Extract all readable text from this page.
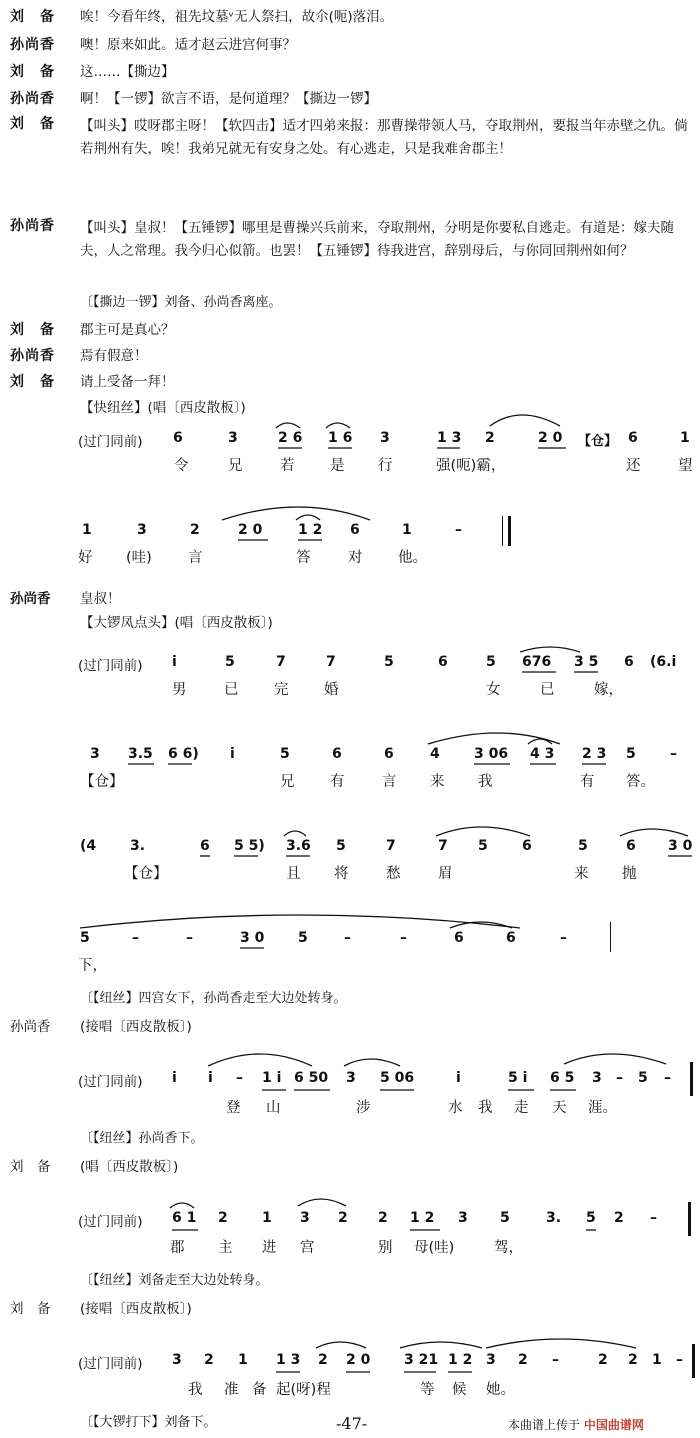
刘　备	唉！今看年终，祖先坟墓ᵛ无人祭扫，故尒(呃)落泪。
孙尚香	噢！原来如此。适才赵云进宫何事？
刘　备	这……【撕边】
孙尚香	啊！【一锣】欲言不语，是何道理？【撕边一锣】
刘　备	【叫头】哎呀郡主呀！【软四击】适才四弟来报：那曹操带领人马，夺取荆州，要报当年赤壁之仇。倘若荆州有失，唉！我弟兄就无有安身之处。有心逃走，只是我难舍郡主！
孙尚香	【叫头】皇叔！【五锤锣】哪里是曹操兴兵前来，夺取荆州，分明是你要私自逃走。有道是：嫁夫随夫，人之常理。我今归心似箭。也罢！【五锤锣】待我进宫，辞别母后，与你同回荆州如何？
〔【撕边一锣】刘备、孙尚香离座。
刘　备	郡主可是真心？
孙尚香	焉有假意！
刘　备	请上受备一拜！
【快纽丝】(唱〔西皮散板〕)
(过门同前) 6	3	2 6 1 6 3	1 3 2	2 0 【仓】 6	1
令	兄	若 是 行	强(呃)霸，	还	望
1	3	2	2 0	1 2 6	1	–
好 (哇) 言	答	对 他。
孙尚香 皇叔！
【大锣凤点头】(唱〔西皮散板〕)
(过门同前) i	5	7	7	5	6	5 676 3 5 6 (6.i
男	已 完 婚	女	已	嫁，
3 3.5 6 6) i	5	6	6	4 3 06 4 3 2 3 5 –
【仓】	兄 有	言 来 我	有 答。
(4 3.	6 5 5) 3.6 5	7	7 5 6	5	6 3 0
【仓】	且 将	愁	眉	来 抛
5	–	–	3 0 5	–	–	6	6	–
下，
〔【纽丝】四宫女下，孙尚香走至大边处转身。
孙尚香 (接唱〔西皮散板〕)
(过门同前) i i – 1 i 6 50 3 5 06	i	5 i 6 5 3 – 5 –
登 山	涉	水 我 走 天 涯。
〔【纽丝】孙尚香下。
刘　备 (唱〔西皮散板〕)
(过门同前) 6 1 2 1 3 2 2 1 2 3 5	3. 5 2 –
郡 主 进 宫	别 母(哇)	驾，
〔【纽丝】刘备走至大边处转身。
刘　备 (接唱〔西皮散板〕)
(过门同前) 3 2 1 1 3 2 2 0 3 21 1 2 3 2 –	2 2 1 –
我 准 备 起(呀)程	等 候 她。
〔【大锣打下】刘备下。	-47-	本曲谱上传于 中国曲谱网
